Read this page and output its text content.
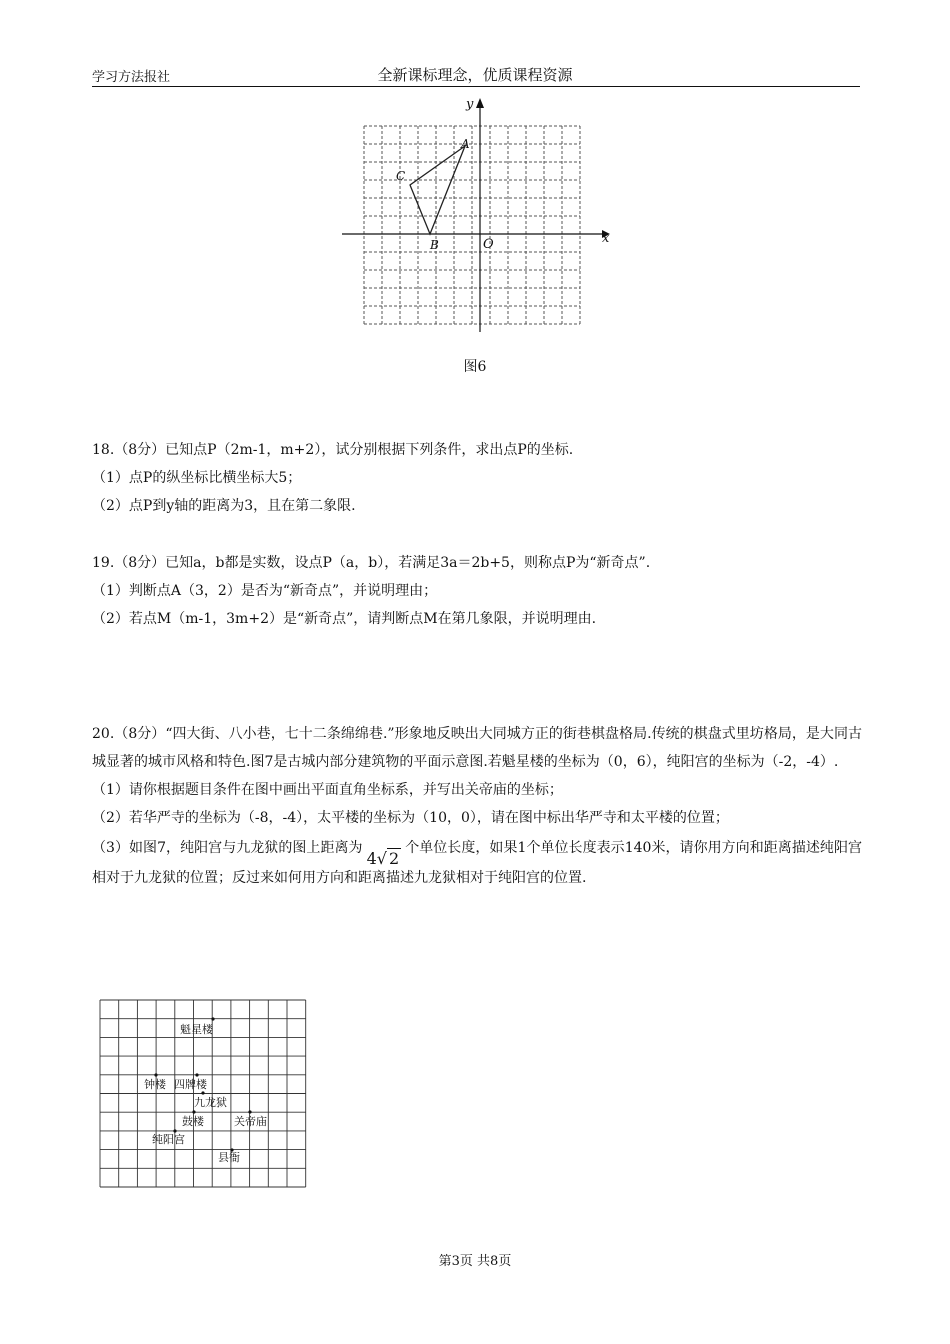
学习方法报社	全新课标理念，优质课程资源
x
y
O
A
B
C
图6

18.（8分）已知点P（2m-1，m+2），试分别根据下列条件，求出点P的坐标.

（1）点P的纵坐标比横坐标大5；

（2）点P到y轴的距离为3，且在第二象限.

19.（8分）已知a，b都是实数，设点P（a，b），若满足3a＝2b+5，则称点P为“新奇点”.

（1）判断点A（3，2）是否为“新奇点”，并说明理由；

（2）若点M（m-1，3m+2）是“新奇点”，请判断点M在第几象限，并说明理由.

20.（8分）“四大街、八小巷，七十二条绵绵巷.”形象地反映出大同城方正的街巷棋盘格局.传统的棋盘式里坊格局，是大同古城显著的城市风格和特色.图7是古城内部分建筑物的平面示意图.若魁星楼的坐标为（0，6），纯阳宫的坐标为（-2，-4）.

（1）请你根据题目条件在图中画出平面直角坐标系，并写出关帝庙的坐标；

（2）若华严寺的坐标为（-8，-4），太平楼的坐标为（10，0），请在图中标出华严寺和太平楼的位置；

（3）如图7，纯阳宫与九龙狱的图上距离为4√ 2个单位长度，如果1个单位长度表示140米，请你用方向和距离描述纯阳宫相对于九龙狱的位置；反过来如何用方向和距离描述九龙狱相对于纯阳宫的位置.

魁星楼
钟楼 四牌楼
九龙狱
鼓楼	关帝庙
纯阳宫
县衙
第3页 共8页
